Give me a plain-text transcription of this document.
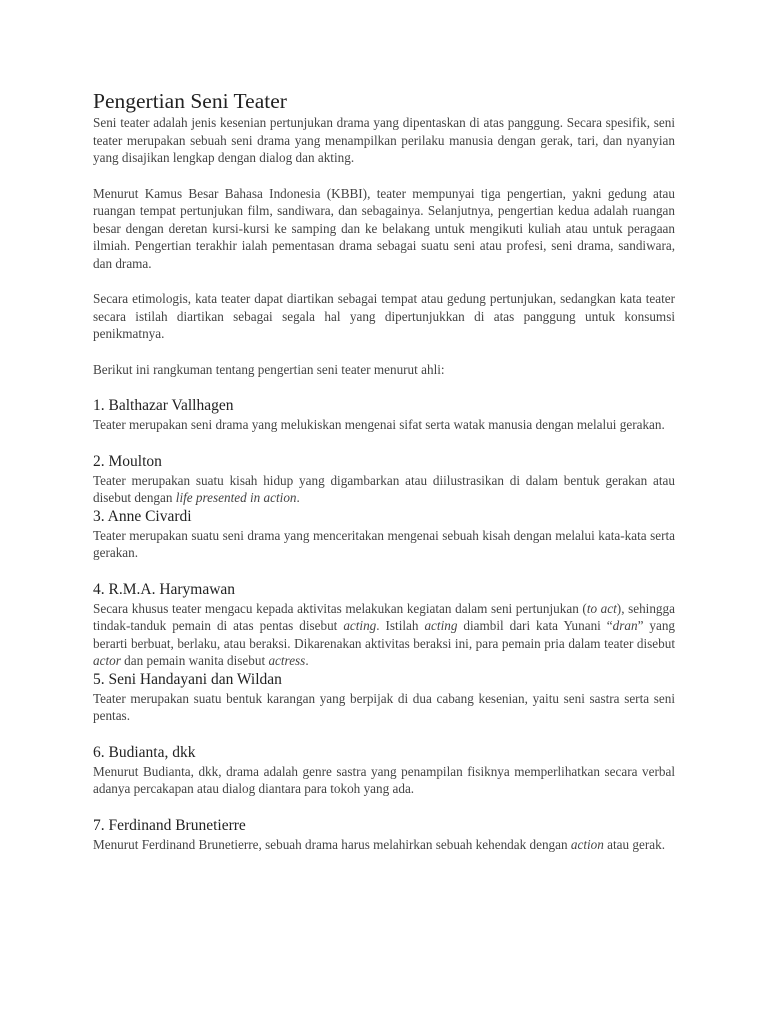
Pengertian Seni Teater

Seni teater adalah jenis kesenian pertunjukan drama yang dipentaskan di atas panggung. Secara spesifik, seni teater merupakan sebuah seni drama yang menampilkan perilaku manusia dengan gerak, tari, dan nyanyian yang disajikan lengkap dengan dialog dan akting.

Menurut Kamus Besar Bahasa Indonesia (KBBI), teater mempunyai tiga pengertian, yakni gedung atau ruangan tempat pertunjukan film, sandiwara, dan sebagainya. Selanjutnya, pengertian kedua adalah ruangan besar dengan deretan kursi-kursi ke samping dan ke belakang untuk mengikuti kuliah atau untuk peragaan ilmiah. Pengertian terakhir ialah pementasan drama sebagai suatu seni atau profesi, seni drama, sandiwara, dan drama.

Secara etimologis, kata teater dapat diartikan sebagai tempat atau gedung pertunjukan, sedangkan kata teater secara istilah diartikan sebagai segala hal yang dipertunjukkan di atas panggung untuk konsumsi penikmatnya.

Berikut ini rangkuman tentang pengertian seni teater menurut ahli:

1. Balthazar Vallhagen

Teater merupakan seni drama yang melukiskan mengenai sifat serta watak manusia dengan melalui gerakan.

2. Moulton

Teater merupakan suatu kisah hidup yang digambarkan atau diilustrasikan di dalam bentuk gerakan atau disebut dengan life presented in action.

3. Anne Civardi

Teater merupakan suatu seni drama yang menceritakan mengenai sebuah kisah dengan melalui kata-kata serta gerakan.

4. R.M.A. Harymawan

Secara khusus teater mengacu kepada aktivitas melakukan kegiatan dalam seni pertunjukan (to act), sehingga tindak-tanduk pemain di atas pentas disebut acting. Istilah acting diambil dari kata Yunani “dran” yang berarti berbuat, berlaku, atau beraksi. Dikarenakan aktivitas beraksi ini, para pemain pria dalam teater disebut actor dan pemain wanita disebut actress.

5. Seni Handayani dan Wildan

Teater merupakan suatu bentuk karangan yang berpijak di dua cabang kesenian, yaitu seni sastra serta seni pentas.

6. Budianta, dkk

Menurut Budianta, dkk, drama adalah genre sastra yang penampilan fisiknya memperlihatkan secara verbal adanya percakapan atau dialog diantara para tokoh yang ada.

7. Ferdinand Brunetierre

Menurut Ferdinand Brunetierre, sebuah drama harus melahirkan sebuah kehendak dengan action atau gerak.
